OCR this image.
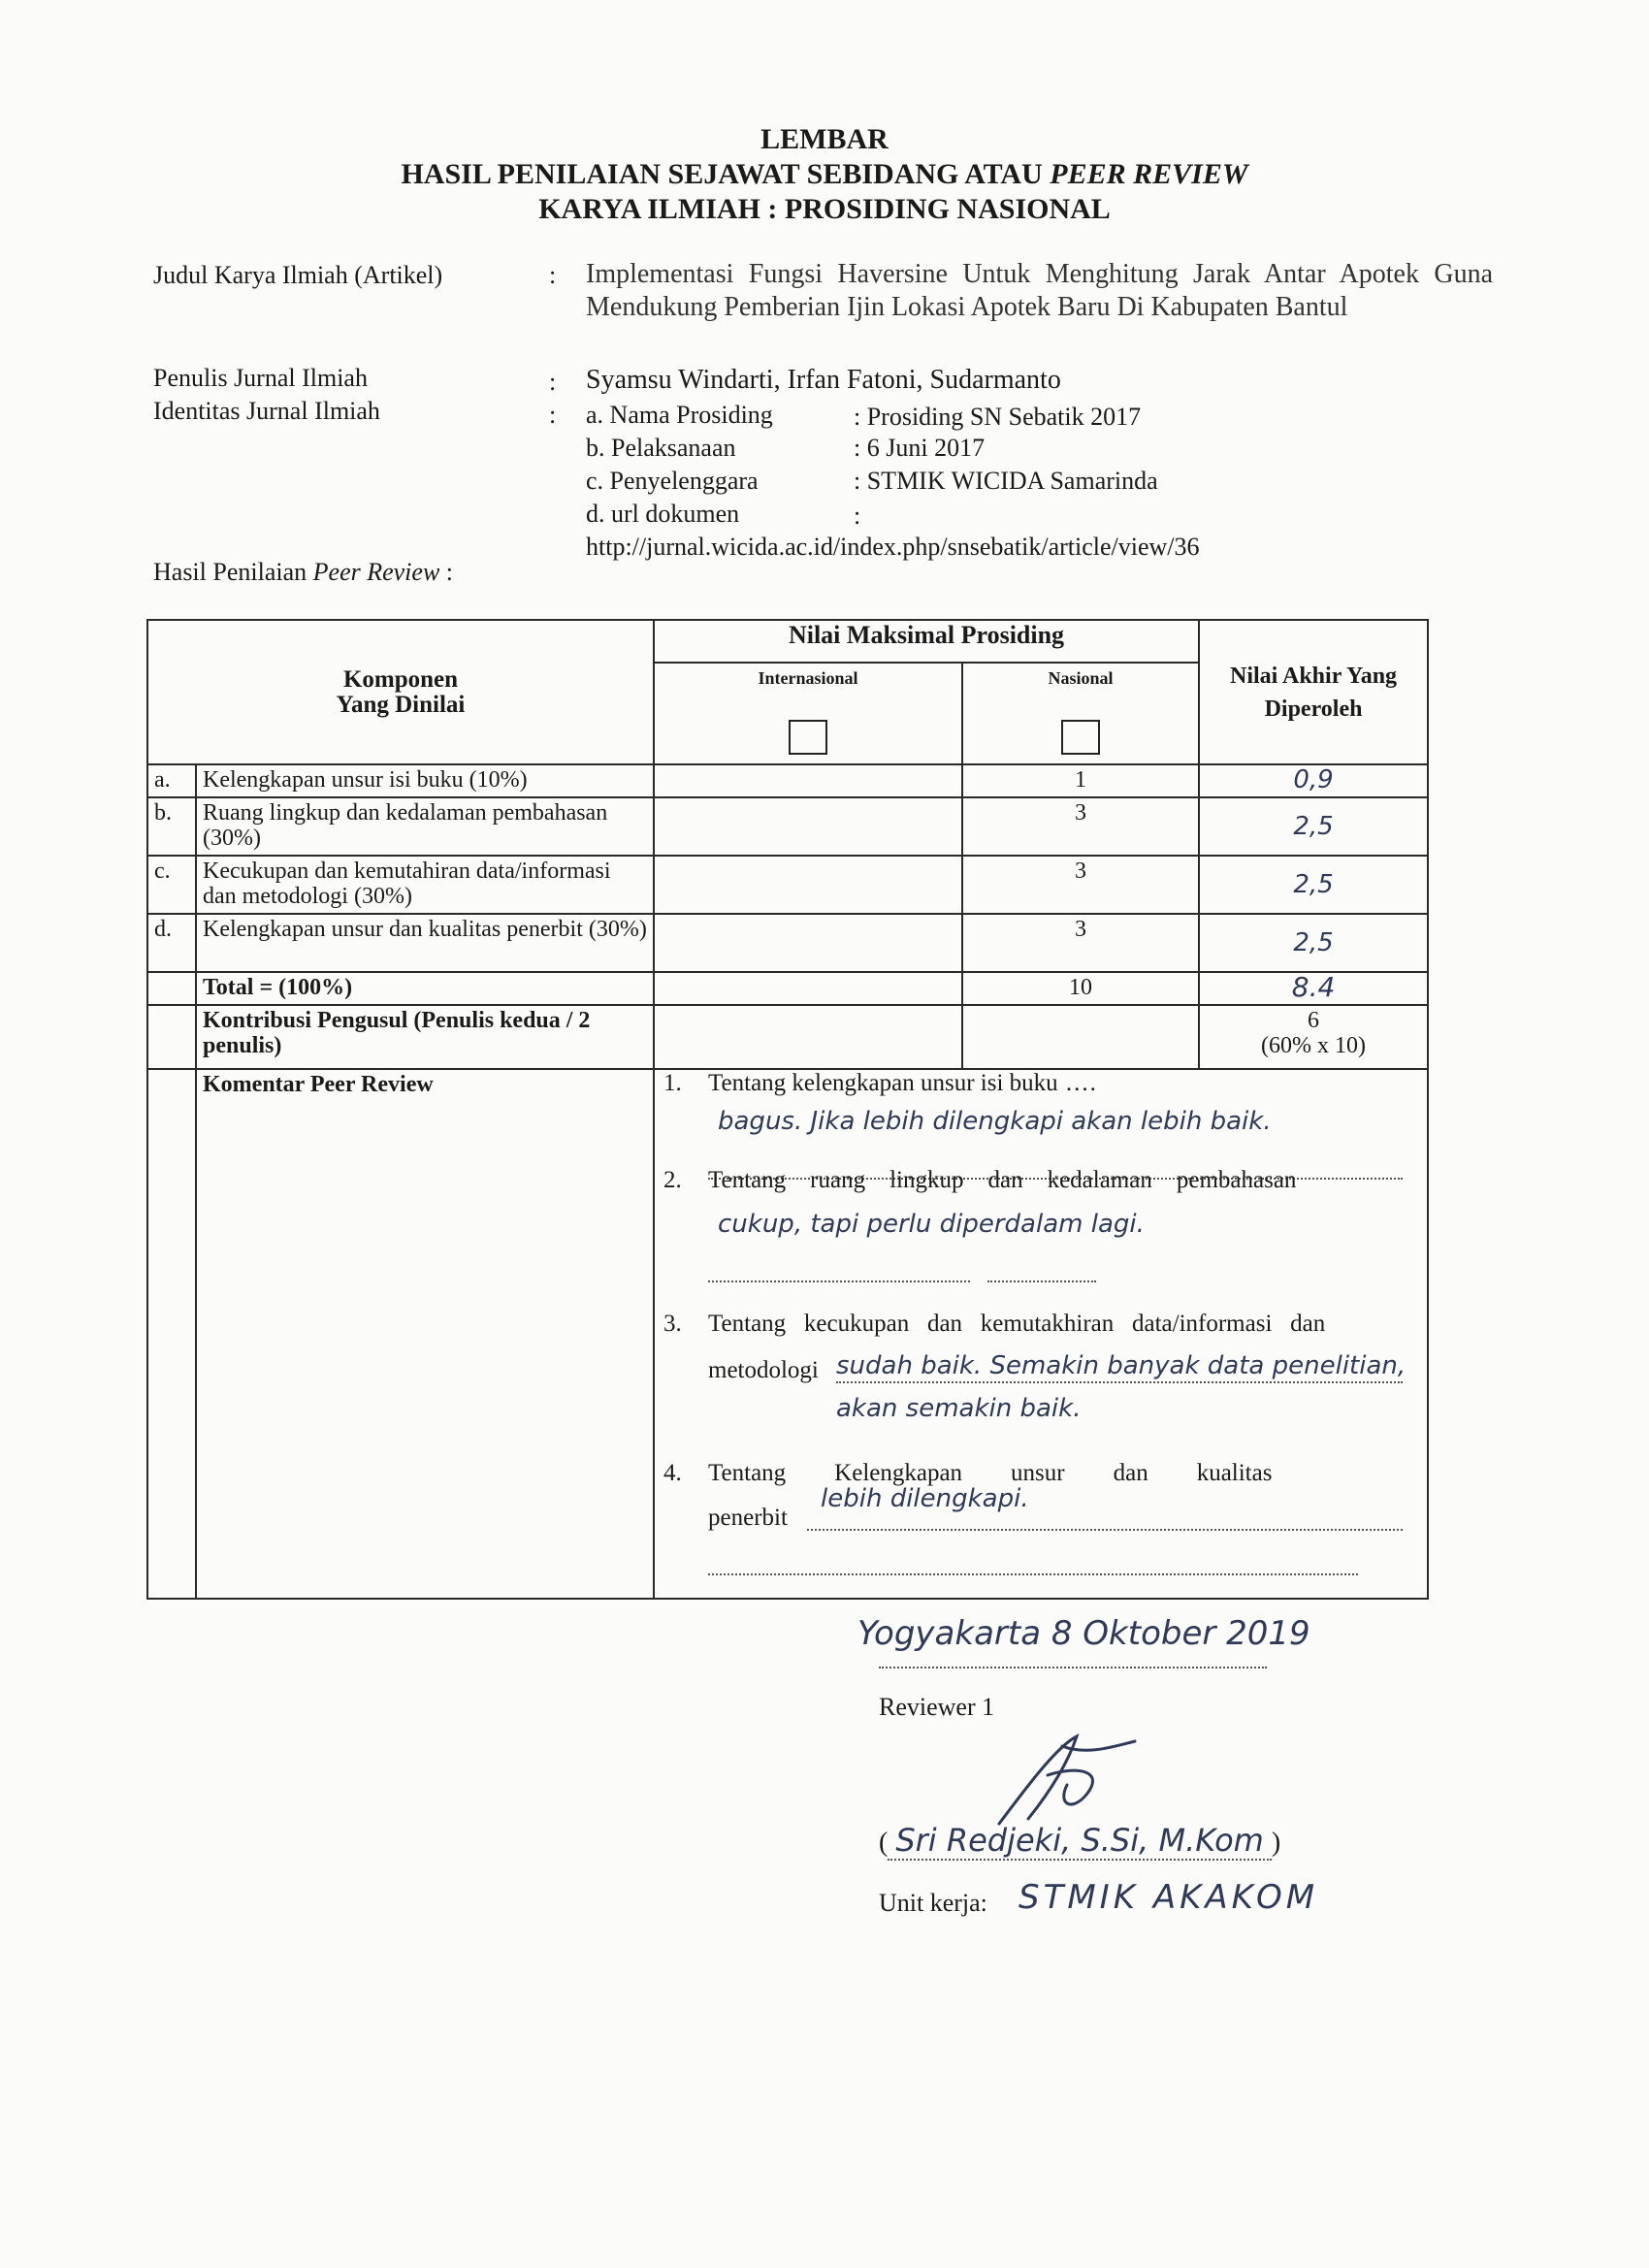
LEMBAR
HASIL PENILAIAN SEJAWAT SEBIDANG ATAU PEER REVIEW
KARYA ILMIAH : PROSIDING NASIONAL
Judul Karya Ilmiah (Artikel)	: Implementasi Fungsi Haversine Untuk Menghitung Jarak Antar Apotek Guna Mendukung Pemberian Ijin Lokasi Apotek Baru Di Kabupaten Bantul
Penulis Jurnal Ilmiah	: Syamsu Windarti, Irfan Fatoni, Sudarmanto
Identitas Jurnal Ilmiah	: a. Nama Prosiding	: Prosiding SN Sebatik 2017
b. Pelaksanaan	: 6 Juni 2017
c. Penyelenggara	: STMIK WICIDA Samarinda
d. url dokumen	:
http://jurnal.wicida.ac.id/index.php/snsebatik/article/view/36
Hasil Penilaian Peer Review :
Komponen
Yang Dinilai		Nilai Maksimal Prosiding		Nilai Akhir Yang Diperoleh

		Internasional	Nasional	

a.	Kelengkapan unsur isi buku (10%)		1	0,9
b.	Ruang lingkup dan kedalaman pembahasan (30%)		3	2,5
c.	Kecukupan dan kemutahiran data/informasi dan metodologi (30%)		3	2,5
d.	Kelengkapan unsur dan kualitas penerbit (30%)		3	2,5
	Total = (100%)		10	8.4
	Kontribusi Pengusul (Penulis kedua / 2 penulis)			6
(60% x 10)

	Komentar Peer Review				1. Tentang kelengkapan unsur isi buku ....
bagus. Jika lebih dilengkapi akan lebih baik.
2. Tentang    ruang    lingkup    dan    kedalaman    pembahasan
cukup, tapi perlu diperdalam lagi.
3. Tentang   kecukupan   dan   kemutakhiran   data/informasi   dan
metodologi sudah baik. Semakin banyak data penelitian, akan semakin baik.
4. Tentang        Kelengkapan        unsur        dan        kualitas
penerbit
lebih dilengkapi.
Yogyakarta 8 Oktober 2019
Reviewer 1
( Sri Redjeki, S.Si, M.Kom )
Unit kerja: STMIK AKAKOM
